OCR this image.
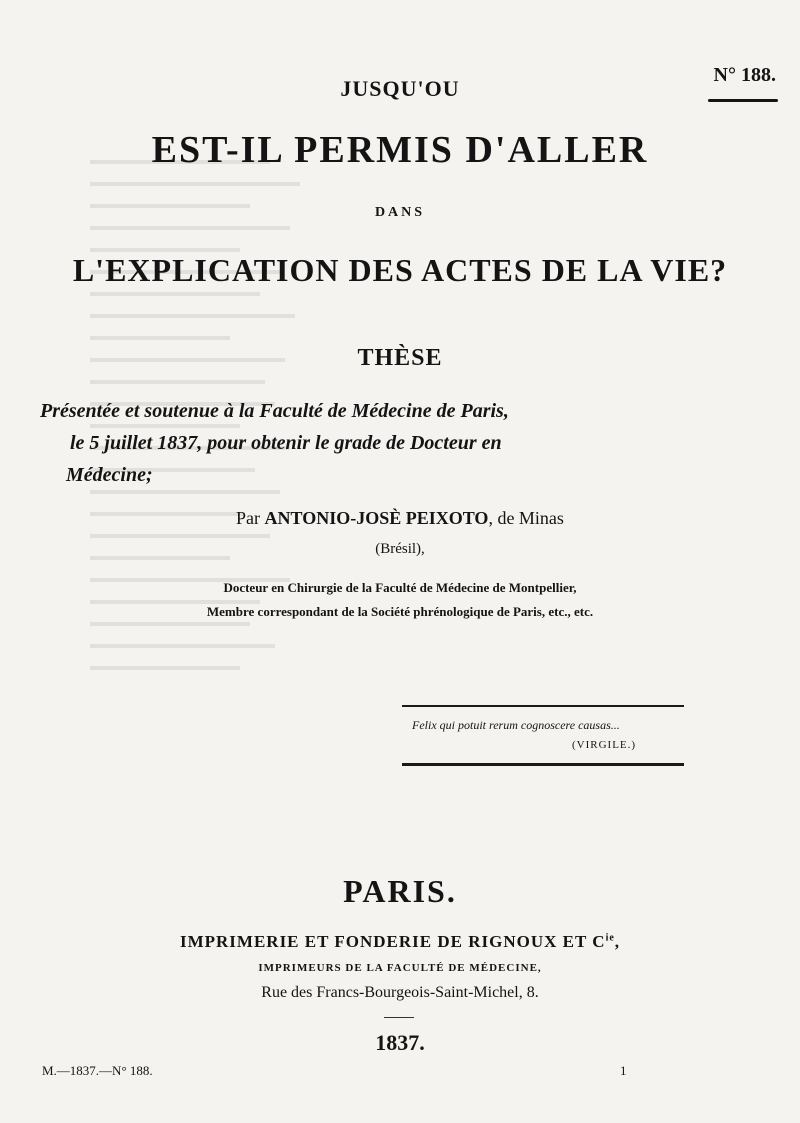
N° 188.
JUSQU'OU
EST-IL PERMIS D'ALLER
DANS
L'EXPLICATION DES ACTES DE LA VIE?
THÈSE
Présentée et soutenue à la Faculté de Médecine de Paris,
le 5 juillet 1837, pour obtenir le grade de Docteur en
Médecine;
Par ANTONIO-JOSÈ PEIXOTO, de Minas
(Brésil),
Docteur en Chirurgie de la Faculté de Médecine de Montpellier,
Membre correspondant de la Société phrénologique de Paris, etc., etc.
Felix qui potuit rerum cognoscere causas...
(VIRGILE.)
PARIS.
IMPRIMERIE ET FONDERIE DE RIGNOUX ET $C^{ie}$,
IMPRIMEURS DE LA FACULTÉ DE MÉDECINE,
Rue des Francs-Bourgeois-Saint-Michel, 8.
1837.
M.—1837.—N° 188.	1
